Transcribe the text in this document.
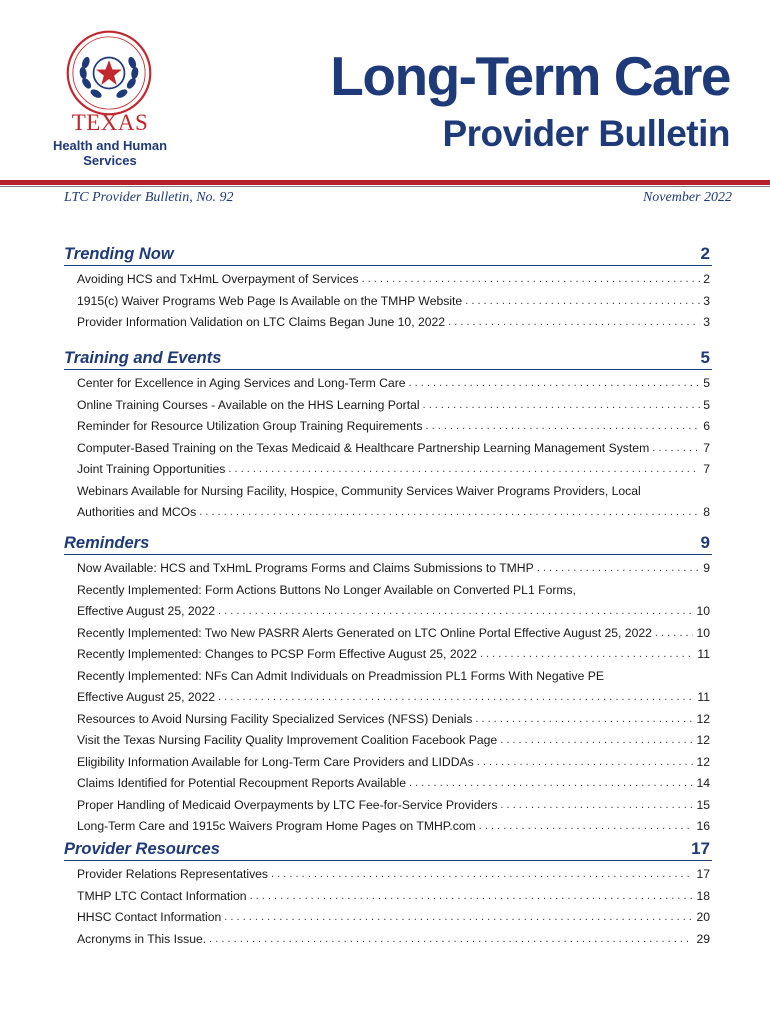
TEXAS
Health and Human
Services
Long-Term Care
Provider Bulletin
LTC Provider Bulletin, No. 92	November 2022
Trending Now	2
Avoiding HCS and TxHmL Overpayment of Services . . .	2
1915(c) Waiver Programs Web Page Is Available on the TMHP Website . . .	3
Provider Information Validation on LTC Claims Began June 10, 2022 . . .	3
Training and Events	5
Center for Excellence in Aging Services and Long-Term Care . . .	5
Online Training Courses - Available on the HHS Learning Portal . . .	5
Reminder for Resource Utilization Group Training Requirements . . .	6
Computer-Based Training on the Texas Medicaid & Healthcare Partnership Learning Management System . . .	7
Joint Training Opportunities . . .	7
Webinars Available for Nursing Facility, Hospice, Community Services Waiver Programs Providers, Local
Authorities and MCOs . . .	8
Reminders	9
Now Available: HCS and TxHmL Programs Forms and Claims Submissions to TMHP . . .	9
Recently Implemented: Form Actions Buttons No Longer Available on Converted PL1 Forms,
Effective August 25, 2022 . . .	10
Recently Implemented: Two New PASRR Alerts Generated on LTC Online Portal Effective August 25, 2022 . . .	10
Recently Implemented: Changes to PCSP Form Effective August 25, 2022 . . .	11
Recently Implemented: NFs Can Admit Individuals on Preadmission PL1 Forms With Negative PE
Effective August 25, 2022 . . .	11
Resources to Avoid Nursing Facility Specialized Services (NFSS) Denials . . .	12
Visit the Texas Nursing Facility Quality Improvement Coalition Facebook Page . . .	12
Eligibility Information Available for Long-Term Care Providers and LIDDAs . . .	12
Claims Identified for Potential Recoupment Reports Available . . .	14
Proper Handling of Medicaid Overpayments by LTC Fee-for-Service Providers . . .	15
Long-Term Care and 1915c Waivers Program Home Pages on TMHP.com . . .	16
Provider Resources	17
Provider Relations Representatives . . .	17
TMHP LTC Contact Information . . .	18
HHSC Contact Information . . .	20
Acronyms in This Issue. . . .	29
